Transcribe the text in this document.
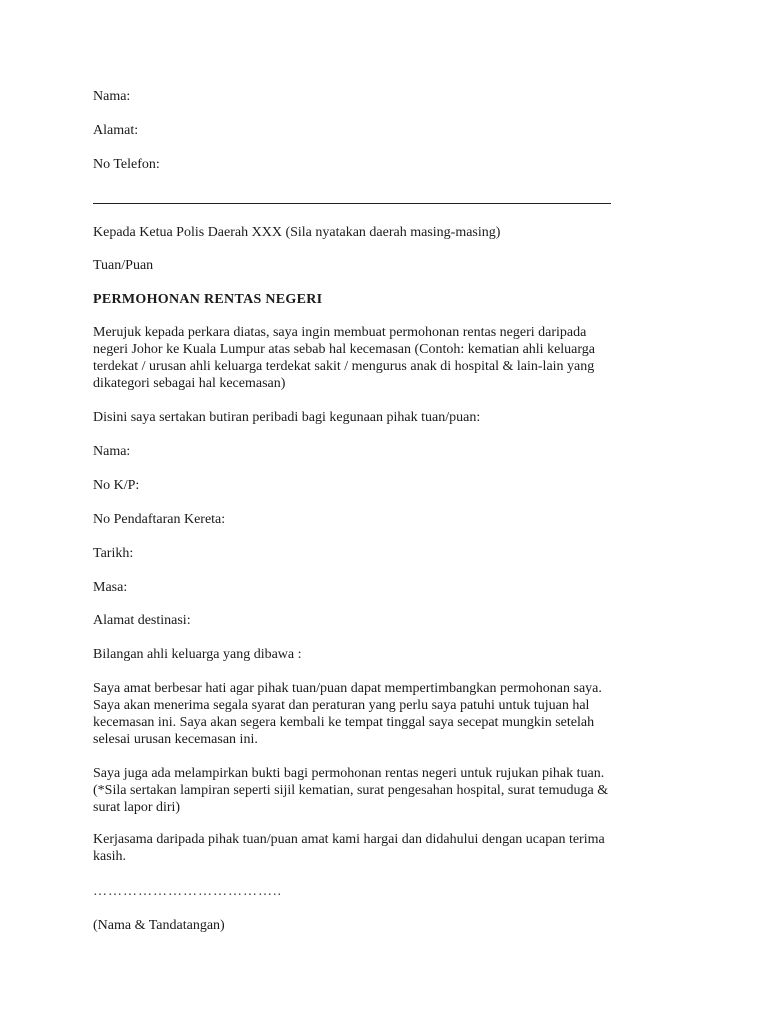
Nama:
Alamat:
No Telefon:
Kepada Ketua Polis Daerah XXX (Sila nyatakan daerah masing-masing)
Tuan/Puan
PERMOHONAN RENTAS NEGERI
Merujuk kepada perkara diatas, saya ingin membuat permohonan rentas negeri daripada
negeri Johor ke Kuala Lumpur atas sebab hal kecemasan (Contoh: kematian ahli keluarga
terdekat / urusan ahli keluarga terdekat sakit / mengurus anak di hospital & lain-lain yang
dikategori sebagai hal kecemasan)
Disini saya sertakan butiran peribadi bagi kegunaan pihak tuan/puan:
Nama:
No K/P:
No Pendaftaran Kereta:
Tarikh:
Masa:
Alamat destinasi:
Bilangan ahli keluarga yang dibawa :
Saya amat berbesar hati agar pihak tuan/puan dapat mempertimbangkan permohonan saya.
Saya akan menerima segala syarat dan peraturan yang perlu saya patuhi untuk tujuan hal
kecemasan ini. Saya akan segera kembali ke tempat tinggal saya secepat mungkin setelah
selesai urusan kecemasan ini.
Saya juga ada melampirkan bukti bagi permohonan rentas negeri untuk rujukan pihak tuan.
(*Sila sertakan lampiran seperti sijil kematian, surat pengesahan hospital, surat temuduga &
surat lapor diri)
Kerjasama daripada pihak tuan/puan amat kami hargai dan didahului dengan ucapan terima
kasih.
………………………………..
(Nama & Tandatangan)
